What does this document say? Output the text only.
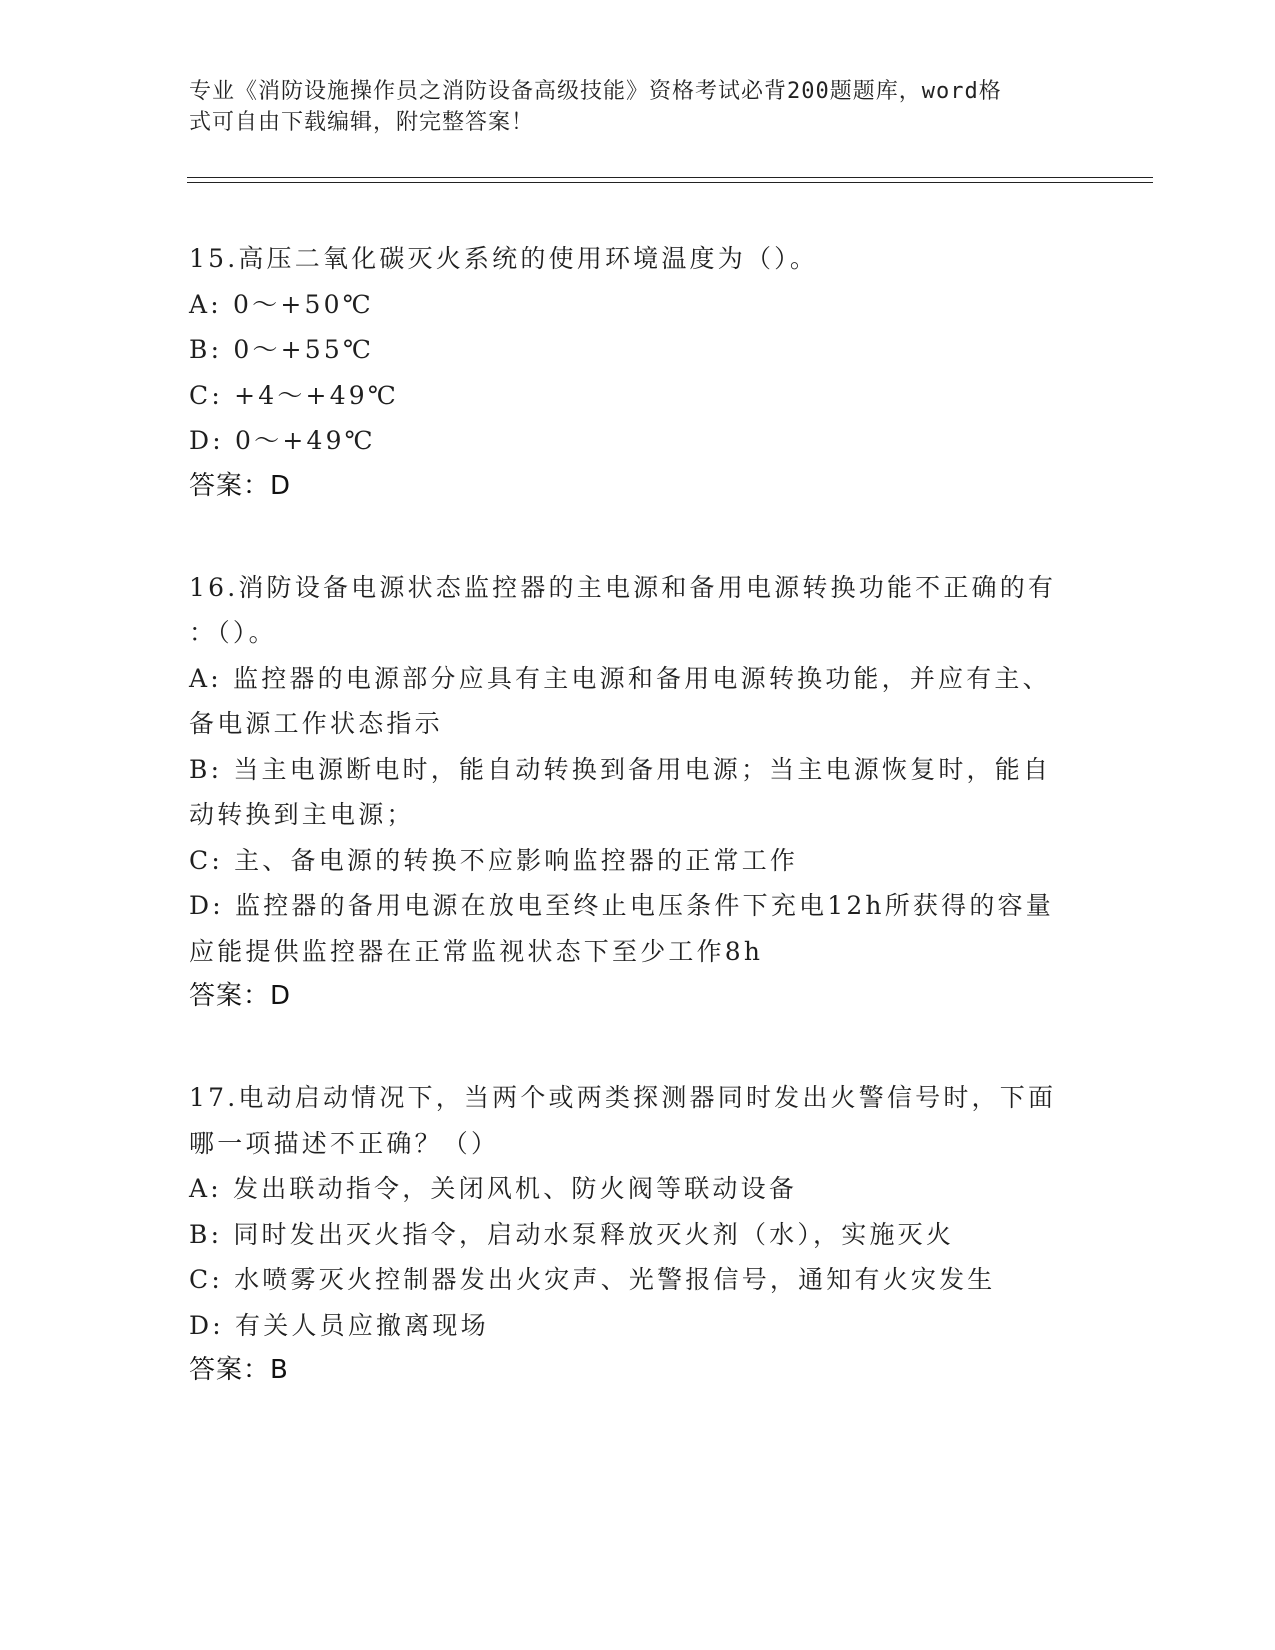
专业《消防设施操作员之消防设备高级技能》资格考试必背200题题库，word格
式可自由下载编辑，附完整答案！
15.高压二氧化碳灭火系统的使用环境温度为（）。
A: 0～+50℃
B: 0～+55℃
C: +4～+49℃
D: 0～+49℃
答案：D
16.消防设备电源状态监控器的主电源和备用电源转换功能不正确的有
：（）。
A: 监控器的电源部分应具有主电源和备用电源转换功能，并应有主、
备电源工作状态指示
B: 当主电源断电时，能自动转换到备用电源；当主电源恢复时，能自
动转换到主电源；
C: 主、备电源的转换不应影响监控器的正常工作
D: 监控器的备用电源在放电至终止电压条件下充电12h所获得的容量
应能提供监控器在正常监视状态下至少工作8h
答案：D
17.电动启动情况下，当两个或两类探测器同时发出火警信号时，下面
哪一项描述不正确？（）
A: 发出联动指令，关闭风机、防火阀等联动设备
B: 同时发出灭火指令，启动水泵释放灭火剂（水），实施灭火
C: 水喷雾灭火控制器发出火灾声、光警报信号，通知有火灾发生
D: 有关人员应撤离现场
答案：B
